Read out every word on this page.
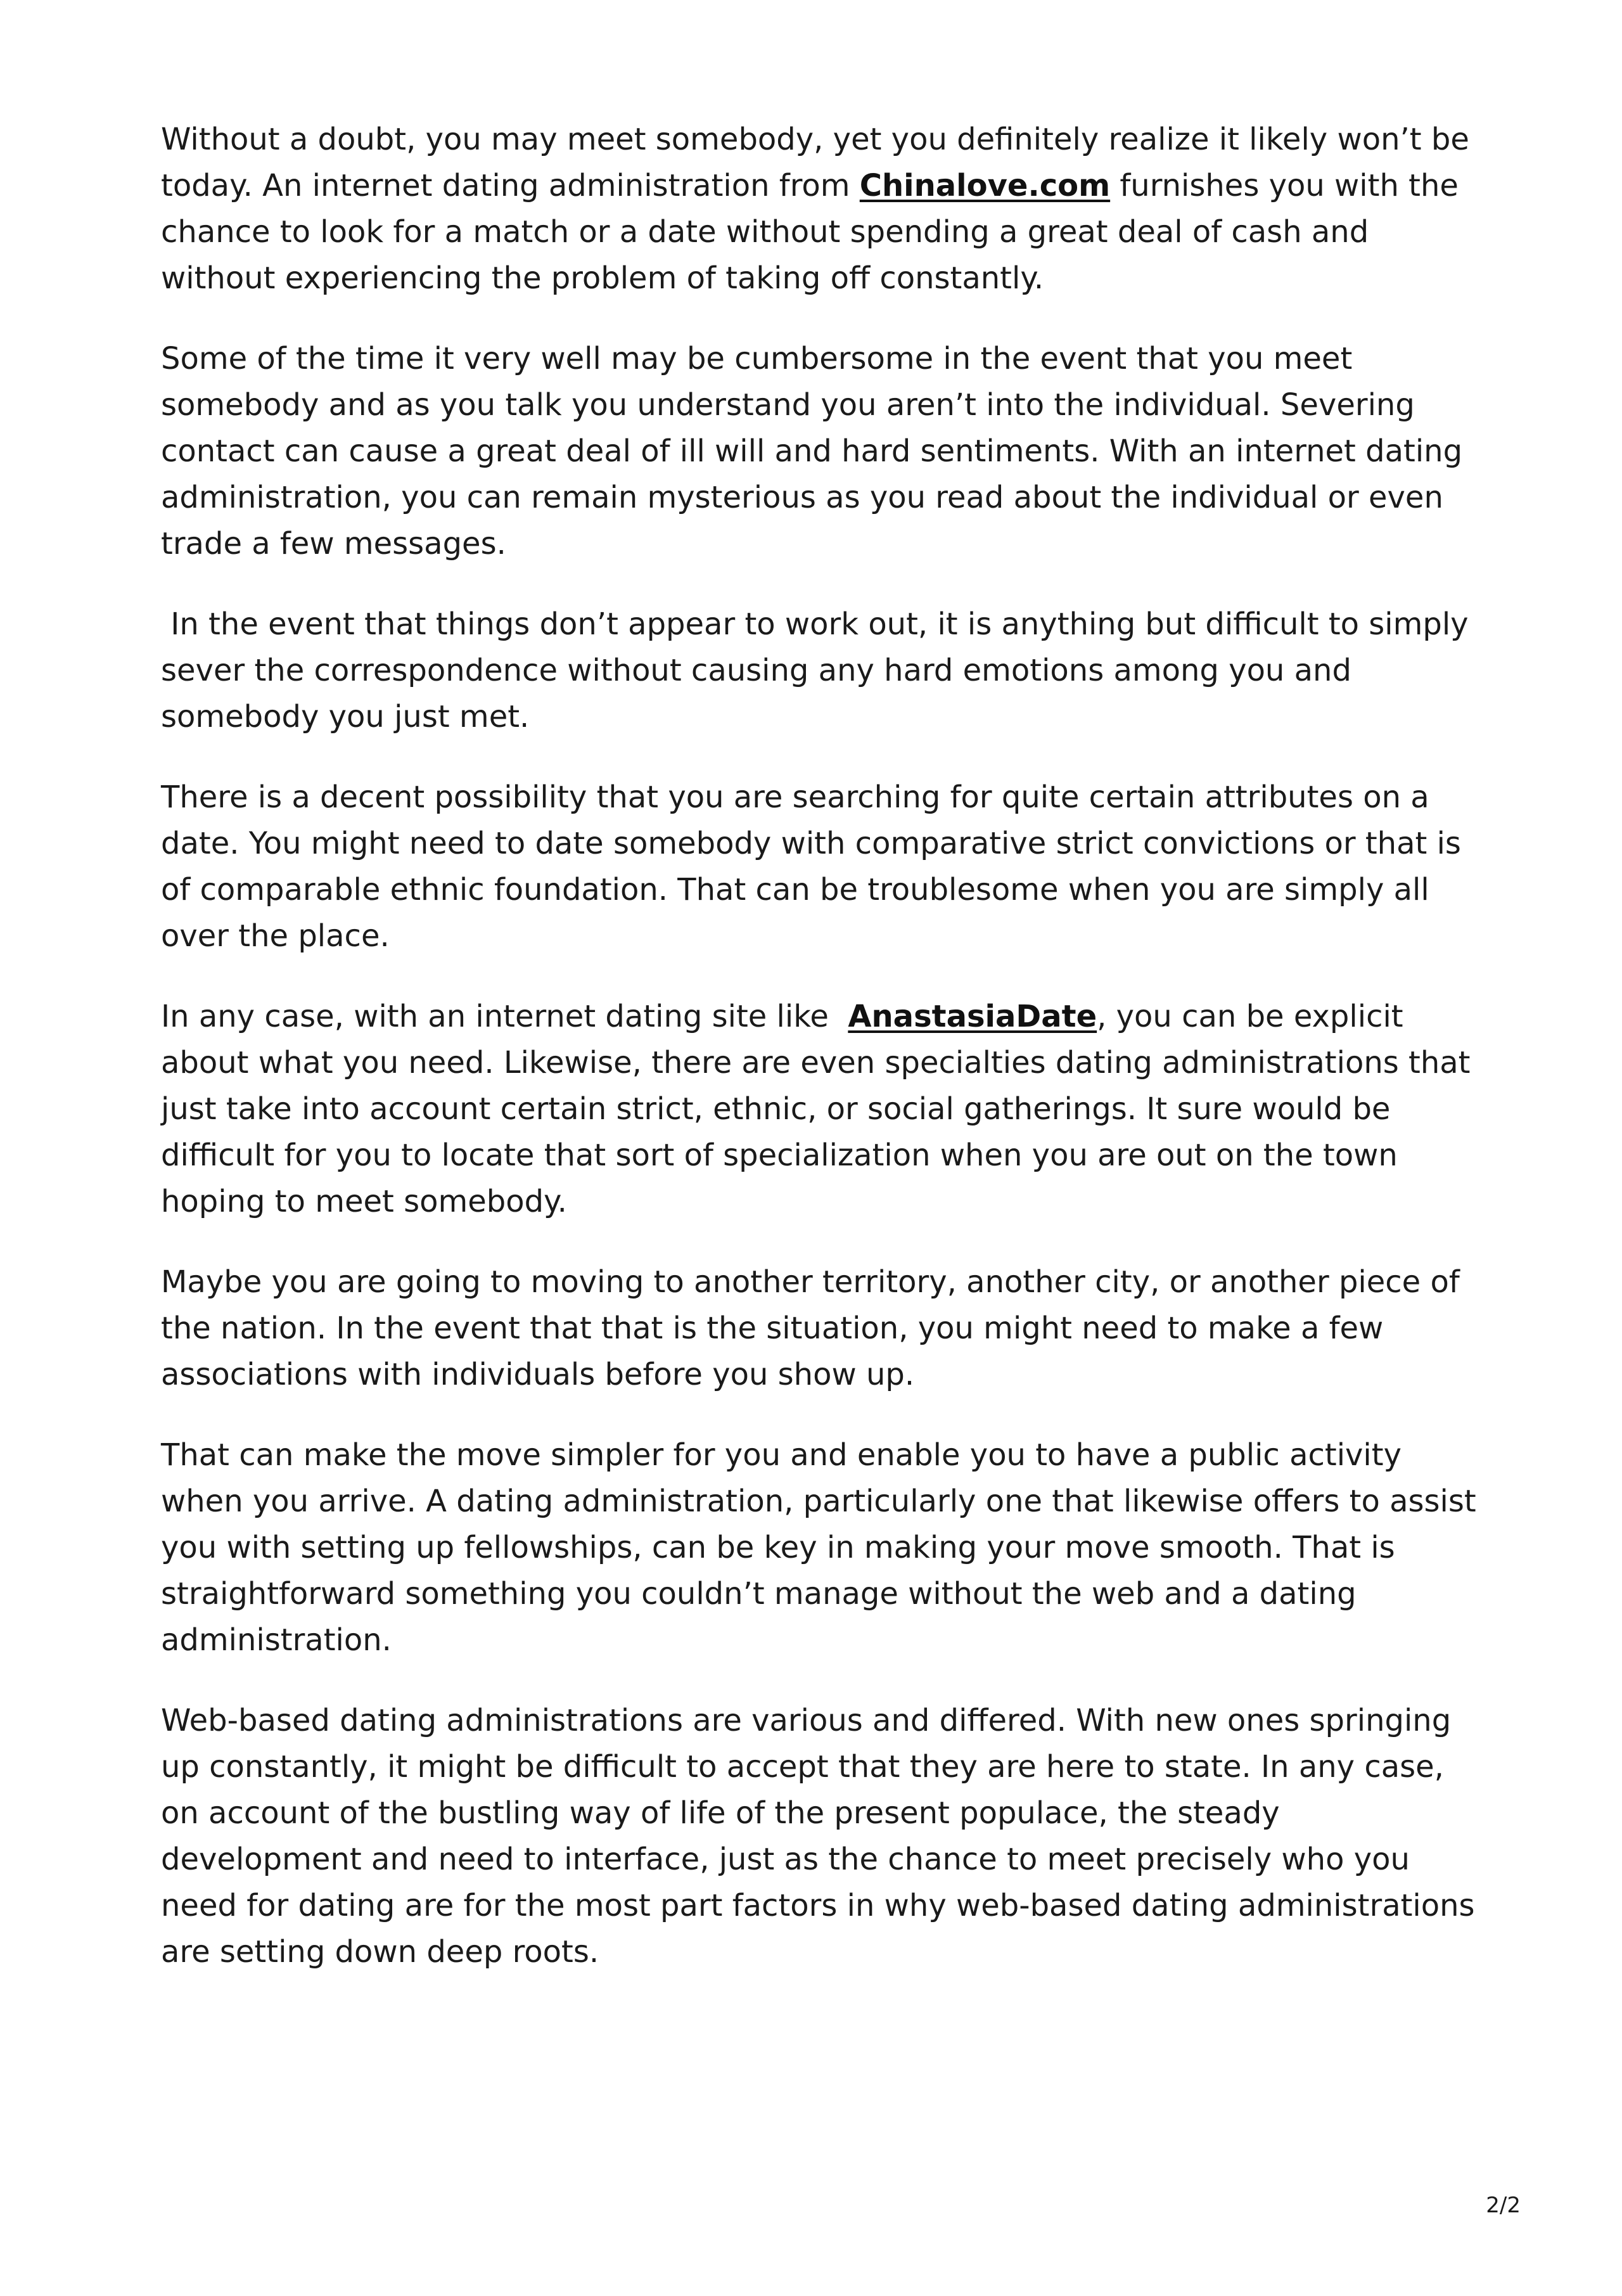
Without a doubt, you may meet somebody, yet you definitely realize it likely won’t be today. An internet dating administration from Chinalove.com furnishes you with the chance to look for a match or a date without spending a great deal of cash and without experiencing the problem of taking off constantly.

Some of the time it very well may be cumbersome in the event that you meet somebody and as you talk you understand you aren’t into the individual. Severing contact can cause a great deal of ill will and hard sentiments. With an internet dating administration, you can remain mysterious as you read about the individual or even trade a few messages.

In the event that things don’t appear to work out, it is anything but difficult to simply sever the correspondence without causing any hard emotions among you and somebody you just met.

There is a decent possibility that you are searching for quite certain attributes on a date. You might need to date somebody with comparative strict convictions or that is of comparable ethnic foundation. That can be troublesome when you are simply all over the place.

In any case, with an internet dating site like  AnastasiaDate, you can be explicit about what you need. Likewise, there are even specialties dating administrations that just take into account certain strict, ethnic, or social gatherings. It sure would be difficult for you to locate that sort of specialization when you are out on the town hoping to meet somebody.

Maybe you are going to moving to another territory, another city, or another piece of the nation. In the event that that is the situation, you might need to make a few associations with individuals before you show up.

That can make the move simpler for you and enable you to have a public activity when you arrive. A dating administration, particularly one that likewise offers to assist you with setting up fellowships, can be key in making your move smooth. That is straightforward something you couldn’t manage without the web and a dating administration.

Web-based dating administrations are various and differed. With new ones springing up constantly, it might be difficult to accept that they are here to state. In any case, on account of the bustling way of life of the present populace, the steady development and need to interface, just as the chance to meet precisely who you need for dating are for the most part factors in why web-based dating administrations are setting down deep roots.

2/2
